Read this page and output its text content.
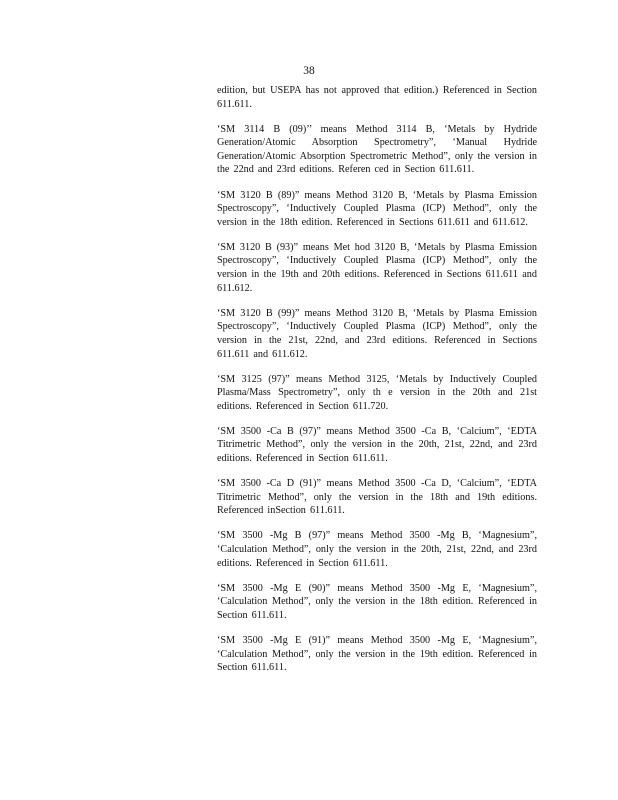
38

edition, but USEPA has not approved that edition.) Referenced in Section 611.611.

‘SM 3114 B (09)’’ means Method 3114 B, ‘Metals by Hydride Generation/Atomic Absorption Spectrometry”, ‘Manual Hydride Generation/Atomic Absorption Spectrometric Method”, only the version in the 22nd and 23rd editions. Referen ced in Section 611.611.

‘SM 3120 B (89)” means Method 3120 B, ‘Metals by Plasma Emission Spectroscopy”, ‘Inductively Coupled Plasma (ICP) Method”, only the version in the 18th edition. Referenced in Sections 611.611 and 611.612.

‘SM 3120 B (93)” means Met hod 3120 B, ‘Metals by Plasma Emission Spectroscopy”, ‘Inductively Coupled Plasma (ICP) Method”, only the version in the 19th and 20th editions. Referenced in Sections 611.611 and 611.612.

‘SM 3120 B (99)” means Method 3120 B, ‘Metals by Plasma Emission Spectroscopy”, ‘Inductively Coupled Plasma (ICP) Method”, only the version in the 21st, 22nd, and 23rd editions. Referenced in Sections 611.611 and 611.612.

‘SM 3125 (97)” means Method 3125, ‘Metals by Inductively Coupled Plasma/Mass Spectrometry”, only th e version in the 20th and 21st editions. Referenced in Section 611.720.

‘SM 3500 -Ca B (97)” means Method 3500 -Ca B, ‘Calcium”, ‘EDTA Titrimetric Method”, only the version in the 20th, 21st, 22nd, and 23rd editions. Referenced in Section 611.611.

‘SM 3500 -Ca D (91)” means Method 3500 -Ca D, ‘Calcium”, ‘EDTA Titrimetric Method”, only the version in the 18th and 19th editions. Referenced inSection 611.611.

‘SM 3500 -Mg B (97)” means Method 3500 -Mg B, ‘Magnesium”, ‘Calculation Method”, only the version in the 20th, 21st, 22nd, and 23rd editions. Referenced in Section 611.611.

‘SM 3500 -Mg E (90)” means Method 3500 -Mg E, ‘Magnesium”, ‘Calculation Method”, only the version in the 18th edition. Referenced in Section 611.611.

‘SM 3500 -Mg E (91)” means Method 3500 -Mg E, ‘Magnesium”, ‘Calculation Method”, only the version in the 19th edition. Referenced in Section 611.611.
